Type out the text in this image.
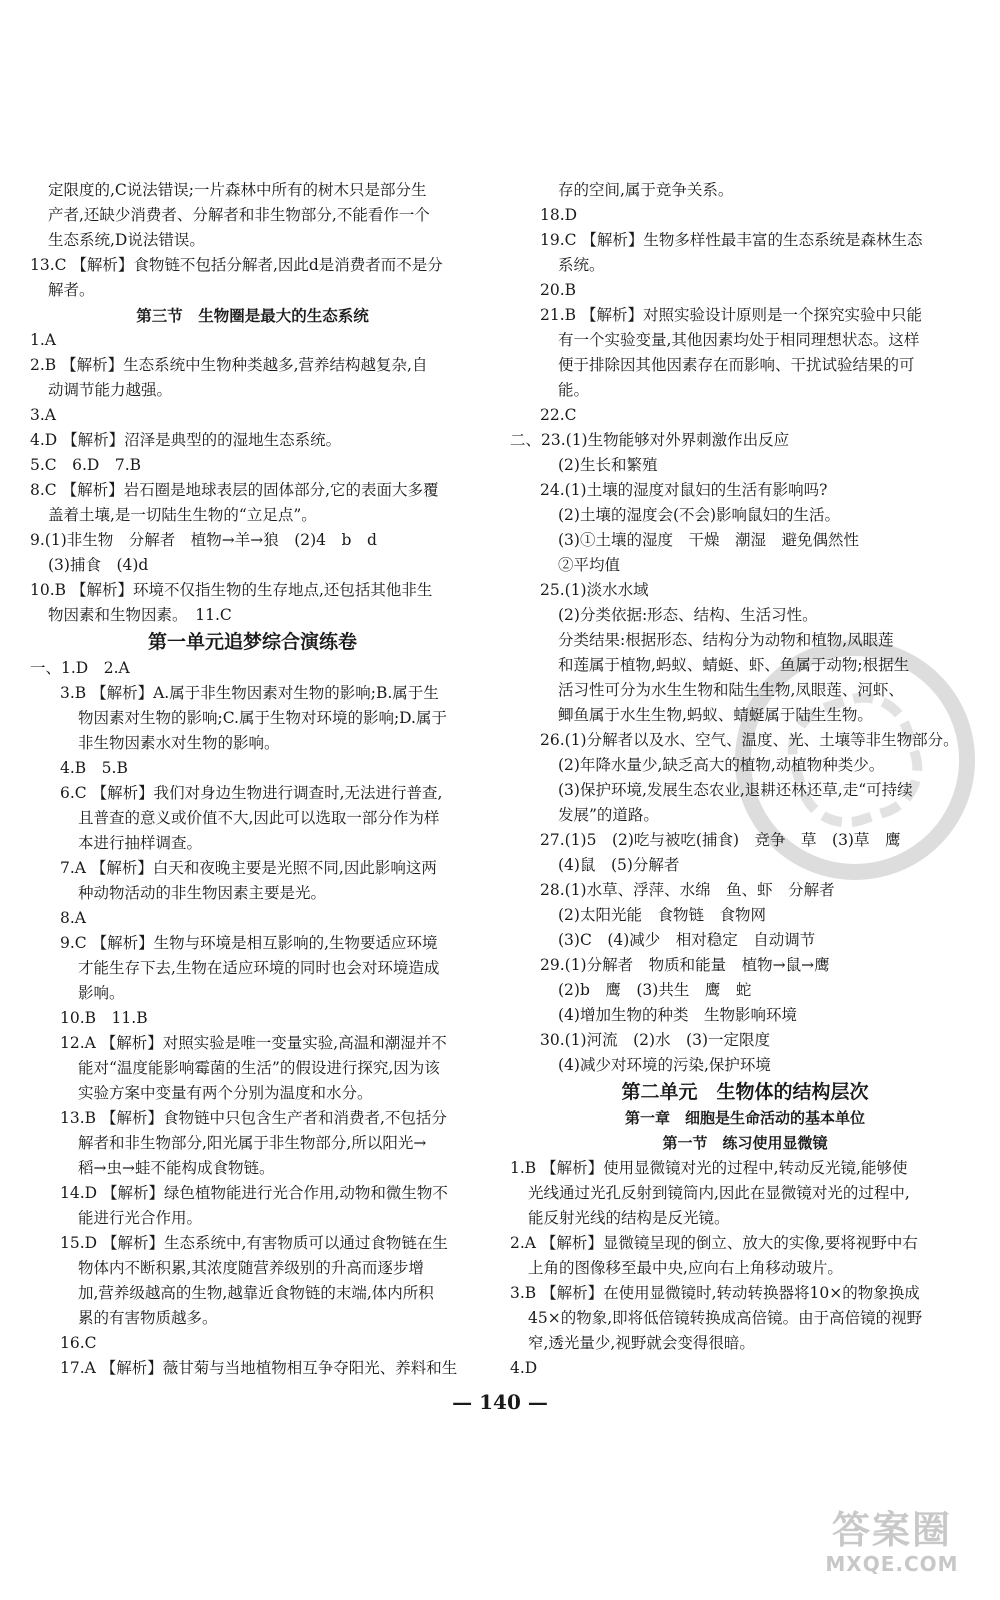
定限度的,C说法错误;一片森林中所有的树木只是部分生
产者,还缺少消费者、分解者和非生物部分,不能看作一个
生态系统,D说法错误。
13.C 【解析】食物链不包括分解者,因此d是消费者而不是分
解者。
第三节　生物圈是最大的生态系统
1.A
2.B 【解析】生态系统中生物种类越多,营养结构越复杂,自
动调节能力越强。
3.A
4.D 【解析】沼泽是典型的的湿地生态系统。
5.C　6.D　7.B
8.C 【解析】岩石圈是地球表层的固体部分,它的表面大多覆
盖着土壤,是一切陆生生物的“立足点”。
9.(1)非生物　分解者　植物→羊→狼　(2)4　b　d
(3)捕食　(4)d
10.B 【解析】环境不仅指生物的生存地点,还包括其他非生
物因素和生物因素。　11.C
第一单元追梦综合演练卷
一、1.D　2.A
3.B 【解析】A.属于非生物因素对生物的影响;B.属于生
物因素对生物的影响;C.属于生物对环境的影响;D.属于
非生物因素水对生物的影响。
4.B　5.B
6.C 【解析】我们对身边生物进行调查时,无法进行普查,
且普查的意义或价值不大,因此可以选取一部分作为样
本进行抽样调查。
7.A 【解析】白天和夜晚主要是光照不同,因此影响这两
种动物活动的非生物因素主要是光。
8.A
9.C 【解析】生物与环境是相互影响的,生物要适应环境
才能生存下去,生物在适应环境的同时也会对环境造成
影响。
10.B　11.B
12.A 【解析】对照实验是唯一变量实验,高温和潮湿并不
能对“温度能影响霉菌的生活”的假设进行探究,因为该
实验方案中变量有两个分别为温度和水分。
13.B 【解析】食物链中只包含生产者和消费者,不包括分
解者和非生物部分,阳光属于非生物部分,所以阳光→
稻→虫→蛙不能构成食物链。
14.D 【解析】绿色植物能进行光合作用,动物和微生物不
能进行光合作用。
15.D 【解析】生态系统中,有害物质可以通过食物链在生
物体内不断积累,其浓度随营养级别的升高而逐步增
加,营养级越高的生物,越靠近食物链的末端,体内所积
累的有害物质越多。
16.C
17.A 【解析】薇甘菊与当地植物相互争夺阳光、养料和生
存的空间,属于竞争关系。
18.D
19.C 【解析】生物多样性最丰富的生态系统是森林生态
系统。
20.B
21.B 【解析】对照实验设计原则是一个探究实验中只能
有一个实验变量,其他因素均处于相同理想状态。这样
便于排除因其他因素存在而影响、干扰试验结果的可
能。
22.C
二、23.(1)生物能够对外界刺激作出反应
(2)生长和繁殖
24.(1)土壤的湿度对鼠妇的生活有影响吗?
(2)土壤的湿度会(不会)影响鼠妇的生活。
(3)①土壤的湿度　干燥　潮湿　避免偶然性
②平均值
25.(1)淡水水域
(2)分类依据:形态、结构、生活习性。
分类结果:根据形态、结构分为动物和植物,凤眼莲
和莲属于植物,蚂蚁、蜻蜓、虾、鱼属于动物;根据生
活习性可分为水生生物和陆生生物,凤眼莲、河虾、
鲫鱼属于水生生物,蚂蚁、蜻蜓属于陆生生物。
26.(1)分解者以及水、空气、温度、光、土壤等非生物部分。
(2)年降水量少,缺乏高大的植物,动植物种类少。
(3)保护环境,发展生态农业,退耕还林还草,走“可持续
发展”的道路。
27.(1)5　(2)吃与被吃(捕食)　竞争　草　(3)草　鹰
(4)鼠　(5)分解者
28.(1)水草、浮萍、水绵　鱼、虾　分解者
(2)太阳光能　食物链　食物网
(3)C　(4)减少　相对稳定　自动调节
29.(1)分解者　物质和能量　植物→鼠→鹰
(2)b　鹰　(3)共生　鹰　蛇
(4)增加生物的种类　生物影响环境
30.(1)河流　(2)水　(3)一定限度
(4)减少对环境的污染,保护环境
第二单元　生物体的结构层次
第一章　细胞是生命活动的基本单位
第一节　练习使用显微镜
1.B 【解析】使用显微镜对光的过程中,转动反光镜,能够使
光线通过光孔反射到镜筒内,因此在显微镜对光的过程中,
能反射光线的结构是反光镜。
2.A 【解析】显微镜呈现的倒立、放大的实像,要将视野中右
上角的图像移至最中央,应向右上角移动玻片。
3.B 【解析】在使用显微镜时,转动转换器将10×的物象换成
45×的物象,即将低倍镜转换成高倍镜。由于高倍镜的视野
窄,透光量少,视野就会变得很暗。
4.D
— 140 —
答案圈
MXQE.COM
